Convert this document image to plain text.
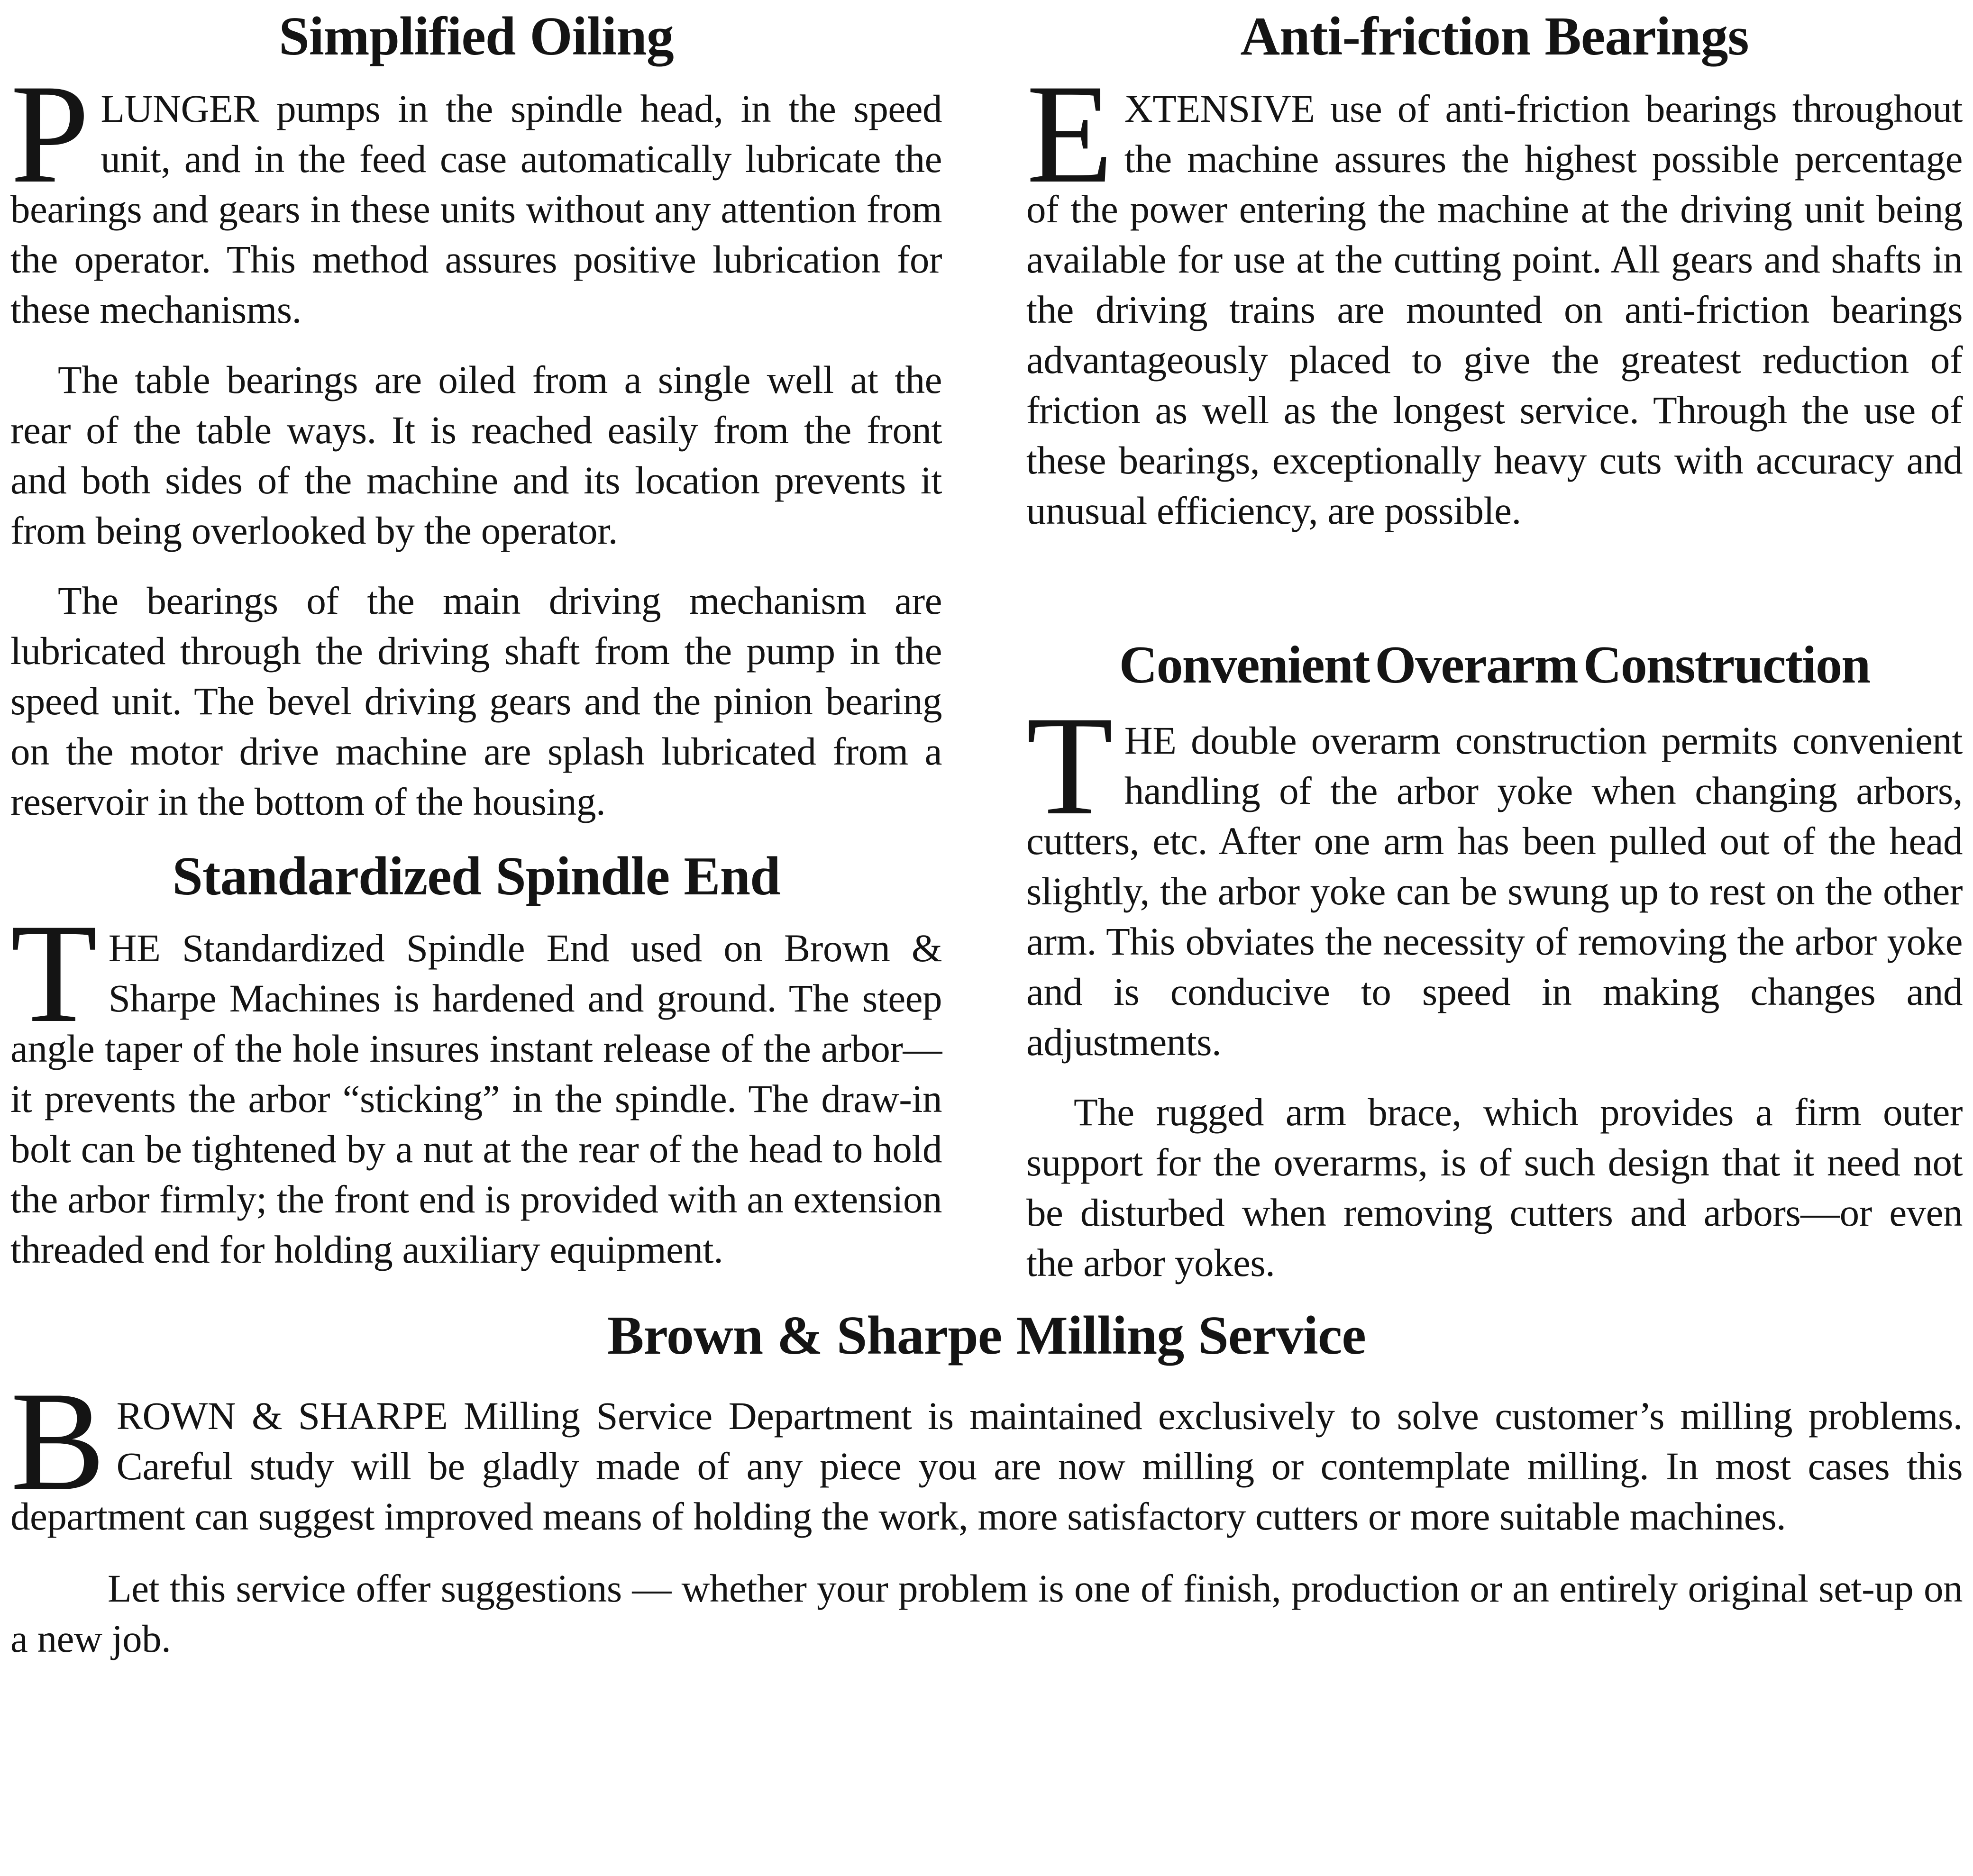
Simplified Oiling

PLUNGER pumps in the spindle head, in the speed unit, and in the feed case automatically lubricate the bearings and gears in these units without any attention from the operator. This method assures positive lubrication for these mechanisms.

The table bearings are oiled from a single well at the rear of the table ways. It is reached easily from the front and both sides of the machine and its location prevents it from being overlooked by the operator.

The bearings of the main driving mechanism are lubricated through the driving shaft from the pump in the speed unit. The bevel driving gears and the pinion bearing on the motor drive machine are splash lubricated from a reservoir in the bottom of the housing.

Standardized Spindle End

THE Standardized Spindle End used on Brown & Sharpe Machines is hardened and ground. The steep angle taper of the hole insures instant release of the arbor—it prevents the arbor “sticking” in the spindle. The draw-in bolt can be tightened by a nut at the rear of the head to hold the arbor firmly; the front end is provided with an extension threaded end for holding auxiliary equipment.

Anti-friction Bearings

EXTENSIVE use of anti-friction bearings throughout the machine assures the highest possible percentage of the power entering the machine at the driving unit being available for use at the cutting point. All gears and shafts in the driving trains are mounted on anti-friction bearings advantageously placed to give the greatest reduction of friction as well as the longest service. Through the use of these bearings, exceptionally heavy cuts with accuracy and unusual efficiency, are possible.

Convenient Overarm Construction

THE double overarm construction permits convenient handling of the arbor yoke when changing arbors, cutters, etc. After one arm has been pulled out of the head slightly, the arbor yoke can be swung up to rest on the other arm. This obviates the necessity of removing the arbor yoke and is conducive to speed in making changes and adjustments.

The rugged arm brace, which provides a firm outer support for the overarms, is of such design that it need not be disturbed when removing cutters and arbors—or even the arbor yokes.

Brown & Sharpe Milling Service

BROWN & SHARPE Milling Service Department is maintained exclusively to solve customer’s milling problems. Careful study will be gladly made of any piece you are now milling or contemplate milling. In most cases this department can suggest improved means of holding the work, more satisfactory cutters or more suitable machines.

Let this service offer suggestions — whether your problem is one of finish, production or an entirely original set-up on a new job.
